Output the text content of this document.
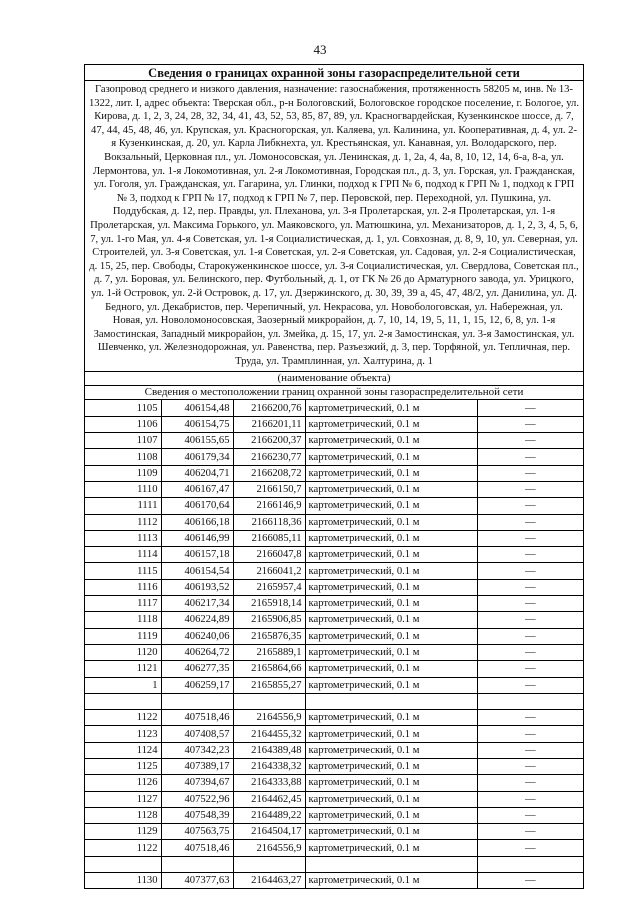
43
Сведения о границах охранной зоны газораспределительной сети
Газопровод среднего и низкого давления, назначение: газоснабжения, протяженность 58205 м, инв. № 13-1322, лит. I, адрес объекта: Тверская обл., р-н Бологовский, Бологовское городское поселение, г. Бологое, ул. Кирова, д. 1, 2, 3, 24, 28, 32, 34, 41, 43, 52, 53, 85, 87, 89, ул. Красногвардейская, Кузенкинское шоссе, д. 7, 47, 44, 45, 48, 46, ул. Крупская, ул. Красногорская, ул. Каляева, ул. Калинина, ул. Кооперативная, д. 4, ул. 2-я Кузенкинская, д. 20, ул. Карла Либкнехта, ул. Крестьянская, ул. Канавная, ул. Володарского, пер. Вокзальный, Церковная пл., ул. Ломоносовская, ул. Ленинская, д. 1, 2а, 4, 4а, 8, 10, 12, 14, 6-а, 8-а, ул. Лермонтова, ул. 1-я Локомотивная, ул. 2-я Локомотивная, Городская пл., д. 3, ул. Горская, ул. Гражданская, ул. Гоголя, ул. Гражданская, ул. Гагарина, ул. Глинки, подход к ГРП № 6, подход к ГРП № 1, подход к ГРП № 3, подход к ГРП № 17, подход к ГРП № 7, пер. Перовской, пер. Переходной, ул. Пушкина, ул. Поддубская, д. 12, пер. Правды, ул. Плеханова, ул. 3-я Пролетарская, ул. 2-я Пролетарская, ул. 1-я Пролетарская, ул. Максима Горького, ул. Маяковского, ул. Матюшкина, ул. Механизаторов, д. 1, 2, 3, 4, 5, 6, 7, ул. 1-го Мая, ул. 4-я Советская, ул. 1-я Социалистическая, д. 1, ул. Совхозная, д. 8, 9, 10, ул. Северная, ул. Строителей, ул. 3-я Советская, ул. 1-я Советская, ул. 2-я Советская, ул. Садовая, ул. 2-я Социалистическая, д. 15, 25, пер. Свободы, Старокуженкинское шоссе, ул. 3-я Социалистическая, ул. Свердлова, Советская пл., д. 7, ул. Боровая, ул. Белинского, пер. Футбольный, д. 1, от ГК № 26 до Арматурного завода, ул. Урицкого, ул. 1-й Островок, ул. 2-й Островок, д. 17, ул. Дзержинского, д. 30, 39, 39 а, 45, 47, 48/2, ул. Данилина, ул. Д. Бедного, ул. Декабристов, пер. Черепичный, ул. Некрасова, ул. Новобологовская, ул. Набережная, ул. Новая, ул. Новоломоносовская, Заозерный микрорайон, д. 7, 10, 14, 19, 5, 11, 1, 15, 12, 6, 8, ул. 1-я Замостинская, Западный микрорайон, ул. Змейка, д. 15, 17, ул. 2-я Замостинская, ул. 3-я Замостинская, ул. Шевченко, ул. Железнодорожная, ул. Равенства, пер. Разъезжий, д. 3, пер. Торфяной, ул. Тепличная, пер. Труда, ул. Трамплинная, ул. Халтурина, д. 1
(наименование объекта)
Сведения о местоположении границ охранной зоны газораспределительной сети
1105	406154,48	2166200,76	картометрический, 0.1 м	—
1106	406154,75	2166201,11	картометрический, 0.1 м	—
1107	406155,65	2166200,37	картометрический, 0.1 м	—
1108	406179,34	2166230,77	картометрический, 0.1 м	—
1109	406204,71	2166208,72	картометрический, 0.1 м	—
1110	406167,47	2166150,7	картометрический, 0.1 м	—
1111	406170,64	2166146,9	картометрический, 0.1 м	—
1112	406166,18	2166118,36	картометрический, 0.1 м	—
1113	406146,99	2166085,11	картометрический, 0.1 м	—
1114	406157,18	2166047,8	картометрический, 0.1 м	—
1115	406154,54	2166041,2	картометрический, 0.1 м	—
1116	406193,52	2165957,4	картометрический, 0.1 м	—
1117	406217,34	2165918,14	картометрический, 0.1 м	—
1118	406224,89	2165906,85	картометрический, 0.1 м	—
1119	406240,06	2165876,35	картометрический, 0.1 м	—
1120	406264,72	2165889,1	картометрический, 0.1 м	—
1121	406277,35	2165864,66	картометрический, 0.1 м	—
1	406259,17	2165855,27	картометрический, 0.1 м	—

1122	407518,46	2164556,9	картометрический, 0.1 м	—
1123	407408,57	2164455,32	картометрический, 0.1 м	—
1124	407342,23	2164389,48	картометрический, 0.1 м	—
1125	407389,17	2164338,32	картометрический, 0.1 м	—
1126	407394,67	2164333,88	картометрический, 0.1 м	—
1127	407522,96	2164462,45	картометрический, 0.1 м	—
1128	407548,39	2164489,22	картометрический, 0.1 м	—
1129	407563,75	2164504,17	картометрический, 0.1 м	—
1122	407518,46	2164556,9	картометрический, 0.1 м	—

1130	407377,63	2164463,27	картометрический, 0.1 м	—
